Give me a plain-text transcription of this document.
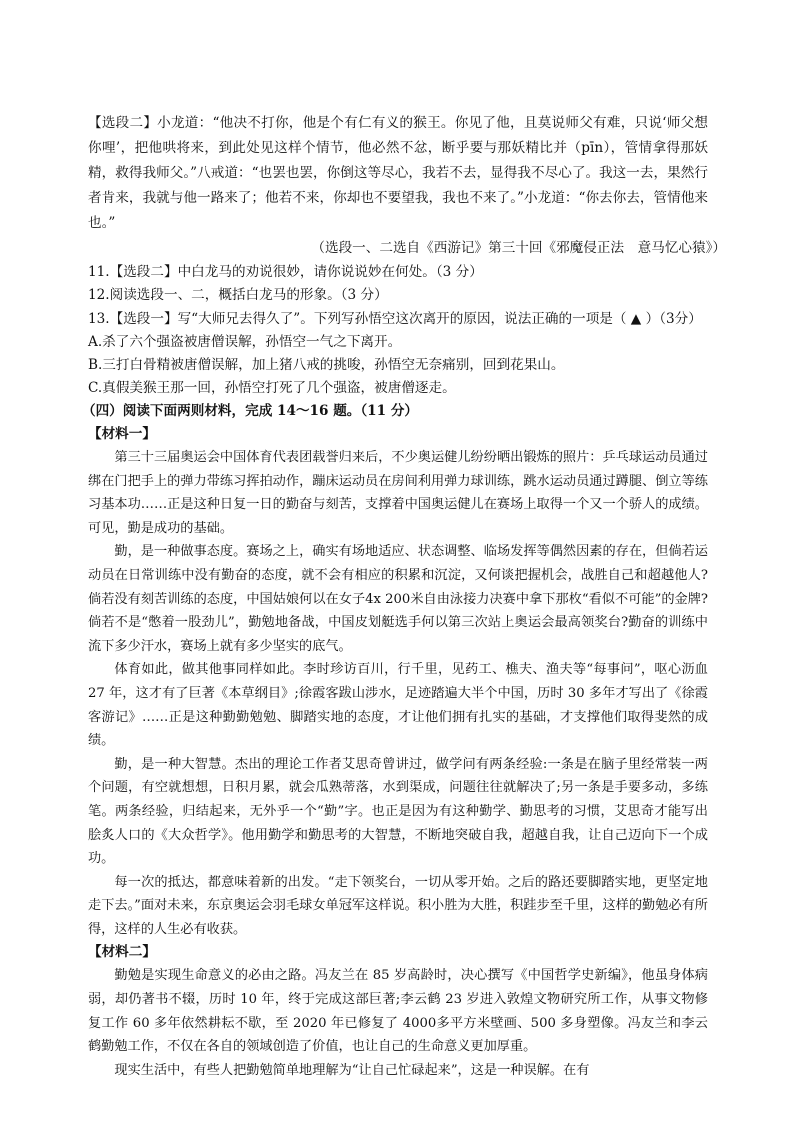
【选段二】小龙道：“他决不打你，他是个有仁有义的猴王。你见了他，且莫说师父有难，只说‘师父想你哩’，把他哄将来，到此处见这样个情节，他必然不忿，断乎要与那妖精比并（pīn），管情拿得那妖精，救得我师父。”八戒道：“也罢也罢，你倒这等尽心，我若不去，显得我不尽心了。我这一去，果然行者肯来，我就与他一路来了；他若不来，你却也不要望我，我也不来了。”小龙道：“你去你去，管情他来也。”

（选段一、二选自《西游记》第三十回《邪魔侵正法　意马忆心猿》）

11.【选段二】中白龙马的劝说很妙，请你说说妙在何处。（3 分）

12.阅读选段一、二，概括白龙马的形象。（3 分）

13.【选段一】写“大师兄去得久了”。下列写孙悟空这次离开的原因，说法正确的一项是（ ▲ ）（3分）

A.杀了六个强盗被唐僧误解，孙悟空一气之下离开。

B.三打白骨精被唐僧误解，加上猪八戒的挑唆，孙悟空无奈痛别，回到花果山。

C.真假美猴王那一回，孙悟空打死了几个强盗，被唐僧逐走。

（四）阅读下面两则材料，完成 14～16 题。（11 分）

【材料一】

第三十三届奥运会中国体育代表团载誉归来后，不少奥运健儿纷纷晒出锻炼的照片：乒乓球运动员通过绑在门把手上的弹力带练习挥拍动作，蹦床运动员在房间利用弹力球训练，跳水运动员通过蹲腿、倒立等练习基本功……正是这种日复一日的勤奋与刻苦，支撑着中国奥运健儿在赛场上取得一个又一个骄人的成绩。可见，勤是成功的基础。

勤，是一种做事态度。赛场之上，确实有场地适应、状态调整、临场发挥等偶然因素的存在，但倘若运动员在日常训练中没有勤奋的态度，就不会有相应的积累和沉淀，又何谈把握机会，战胜自己和超越他人?倘若没有刻苦训练的态度，中国姑娘何以在女子4x 200米自由泳接力决赛中拿下那枚“看似不可能”的金牌?倘若不是“憋着一股劲儿”，勤勉地备战，中国皮划艇选手何以第三次站上奥运会最高领奖台?勤奋的训练中流下多少汗水，赛场上就有多少坚实的底气。

体育如此，做其他事同样如此。李时珍访百川，行千里，见药工、樵夫、渔夫等“每事问”，呕心沥血 27 年，这才有了巨著《本草纲目》;徐霞客跋山涉水，足迹踏遍大半个中国，历时 30 多年才写出了《徐霞客游记》……正是这种勤勤勉勉、脚踏实地的态度，才让他们拥有扎实的基础，才支撑他们取得斐然的成绩。

勤，是一种大智慧。杰出的理论工作者艾思奇曾讲过，做学问有两条经验:一条是在脑子里经常装一两个问题，有空就想想，日积月累，就会瓜熟蒂落，水到渠成，问题往往就解决了;另一条是手要多动，多练笔。两条经验，归结起来，无外乎一个“勤”字。也正是因为有这种勤学、勤思考的习惯，艾思奇才能写出脍炙人口的《大众哲学》。他用勤学和勤思考的大智慧，不断地突破自我，超越自我，让自己迈向下一个成功。

每一次的抵达，都意味着新的出发。“走下领奖台，一切从零开始。之后的路还要脚踏实地，更坚定地走下去。”面对未来，东京奥运会羽毛球女单冠军这样说。积小胜为大胜，积跬步至千里，这样的勤勉必有所得，这样的人生必有收获。

【材料二】

勤勉是实现生命意义的必由之路。冯友兰在 85 岁高龄时，决心撰写《中国哲学史新编》，他虽身体病弱，却仍著书不辍，历时 10 年，终于完成这部巨著;李云鹤 23 岁进入敦煌文物研究所工作，从事文物修复工作 60 多年依然耕耘不歇，至 2020 年已修复了 4000多平方米壁画、500 多身塑像。冯友兰和李云鹤勤勉工作，不仅在各自的领域创造了价值，也让自己的生命意义更加厚重。

现实生活中，有些人把勤勉简单地理解为“让自己忙碌起来”，这是一种误解。在有
